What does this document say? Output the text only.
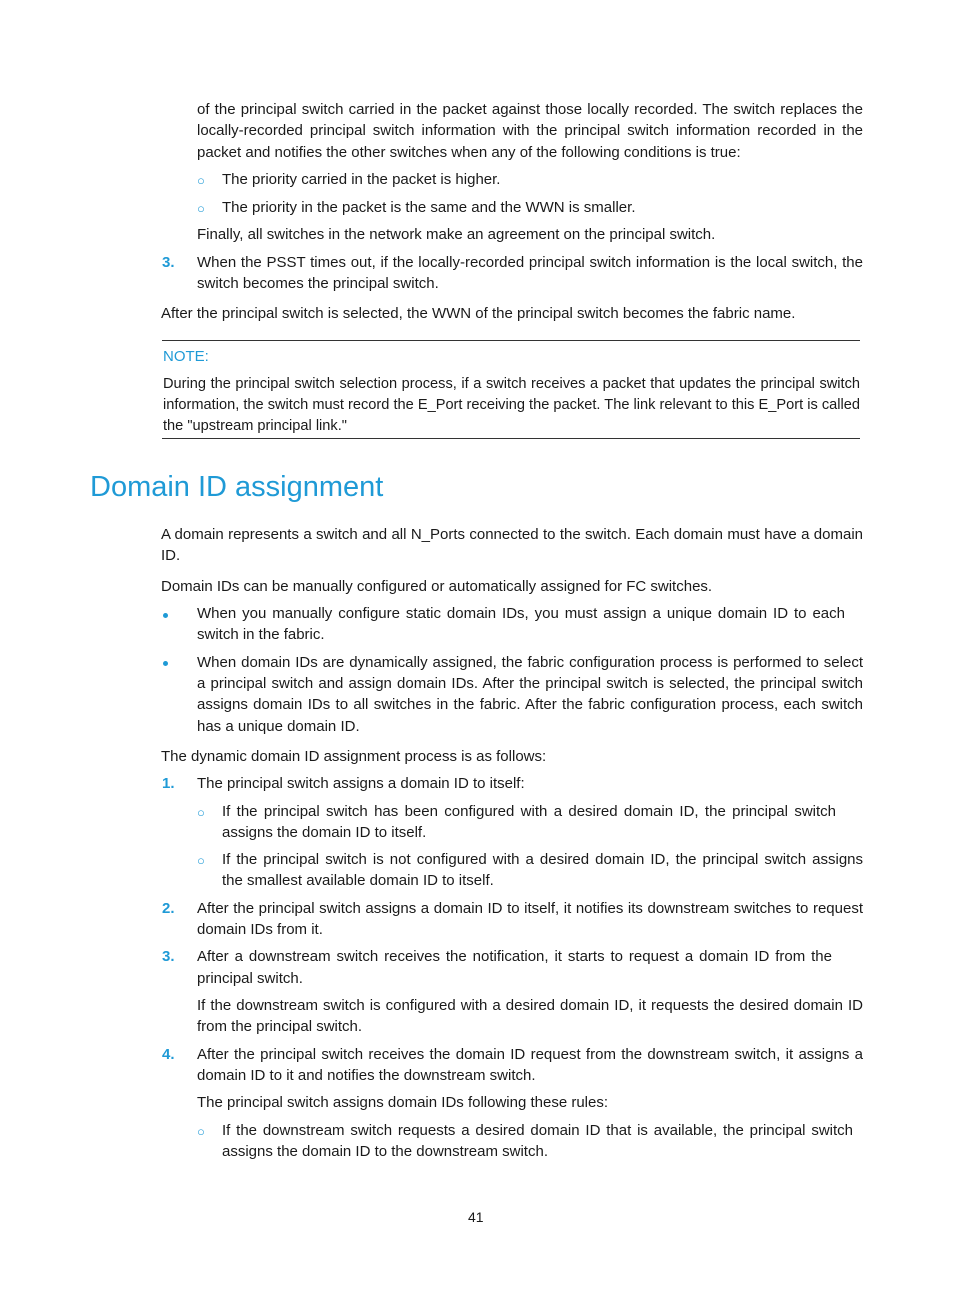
of the principal switch carried in the packet against those locally recorded. The switch replaces the

locally-recorded principal switch information with the principal switch information recorded in the

packet and notifies the other switches when any of the following conditions is true:

○ The priority carried in the packet is higher.

○ The priority in the packet is the same and the WWN is smaller.

Finally, all switches in the network make an agreement on the principal switch.

3. When the PSST times out, if the locally-recorded principal switch information is the local switch, the

switch becomes the principal switch.

After the principal switch is selected, the WWN of the principal switch becomes the fabric name.

NOTE:

During the principal switch selection process, if a switch receives a packet that updates the principal switch

information, the switch must record the E_Port receiving the packet. The link relevant to this E_Port is called

the "upstream principal link."

Domain ID assignment

A domain represents a switch and all N_Ports connected to the switch. Each domain must have a domain

ID.

Domain IDs can be manually configured or automatically assigned for FC switches.

When you manually configure static domain IDs, you must assign a unique domain ID to each

switch in the fabric.

When domain IDs are dynamically assigned, the fabric configuration process is performed to select

a principal switch and assign domain IDs. After the principal switch is selected, the principal switch

assigns domain IDs to all switches in the fabric. After the fabric configuration process, each switch

has a unique domain ID.

The dynamic domain ID assignment process is as follows:

1. The principal switch assigns a domain ID to itself:

○ If the principal switch has been configured with a desired domain ID, the principal switch

assigns the domain ID to itself.

○ If the principal switch is not configured with a desired domain ID, the principal switch assigns

the smallest available domain ID to itself.

2. After the principal switch assigns a domain ID to itself, it notifies its downstream switches to request

domain IDs from it.

3. After a downstream switch receives the notification, it starts to request a domain ID from the

principal switch.

If the downstream switch is configured with a desired domain ID, it requests the desired domain ID

from the principal switch.

4. After the principal switch receives the domain ID request from the downstream switch, it assigns a

domain ID to it and notifies the downstream switch.

The principal switch assigns domain IDs following these rules:

○ If the downstream switch requests a desired domain ID that is available, the principal switch

assigns the domain ID to the downstream switch.

41
